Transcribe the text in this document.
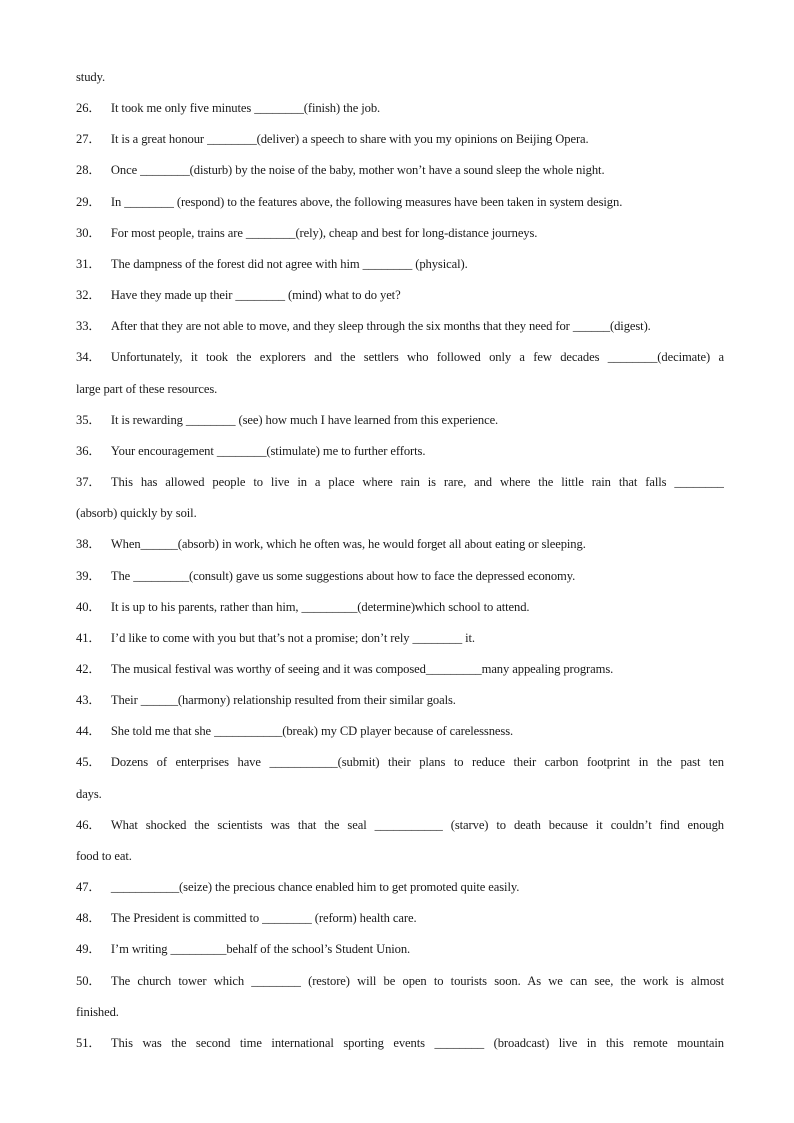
study.
26． It took me only five minutes ________(finish) the job.
27． It is a great honour ________(deliver) a speech to share with you my opinions on Beijing Opera.
28． Once ________(disturb) by the noise of the baby, mother won’t have a sound sleep the whole night.
29． In ________ (respond) to the features above, the following measures have been taken in system design.
30． For most people, trains are ________(rely), cheap and best for long-distance journeys.
31． The dampness of the forest did not agree with him ________ (physical).
32． Have they made up their ________ (mind) what to do yet?
33． After that they are not able to move, and they sleep through the six months that they need for ______(digest).
34． Unfortunately, it took the explorers and the settlers who followed only a few decades ________(decimate) a
large part of these resources.
35． It is rewarding ________ (see) how much I have learned from this experience.
36． Your encouragement ________(stimulate) me to further efforts.
37． This has allowed people to live in a place where rain is rare, and where the little rain that falls ________
(absorb) quickly by soil.
38． When______(absorb) in work, which he often was, he would forget all about eating or sleeping.
39． The _________(consult) gave us some suggestions about how to face the depressed economy.
40． It is up to his parents, rather than him, _________(determine)which school to attend.
41． I’d like to come with you but that’s not a promise; don’t rely ________ it.
42． The musical festival was worthy of seeing and it was composed_________many appealing programs.
43． Their ______(harmony) relationship resulted from their similar goals.
44． She told me that she ___________(break) my CD player because of carelessness.
45． Dozens of enterprises have ___________(submit) their plans to reduce their carbon footprint in the past ten
days.
46． What shocked the scientists was that the seal ___________ (starve) to death because it couldn’t find enough
food to eat.
47． ___________(seize) the precious chance enabled him to get promoted quite easily.
48． The President is committed to ________ (reform) health care.
49． I’m writing _________behalf of the school’s Student Union.
50． The church tower which ________ (restore) will be open to tourists soon. As we can see, the work is almost
finished.
51． This was the second time international sporting events ________ (broadcast) live in this remote mountain
